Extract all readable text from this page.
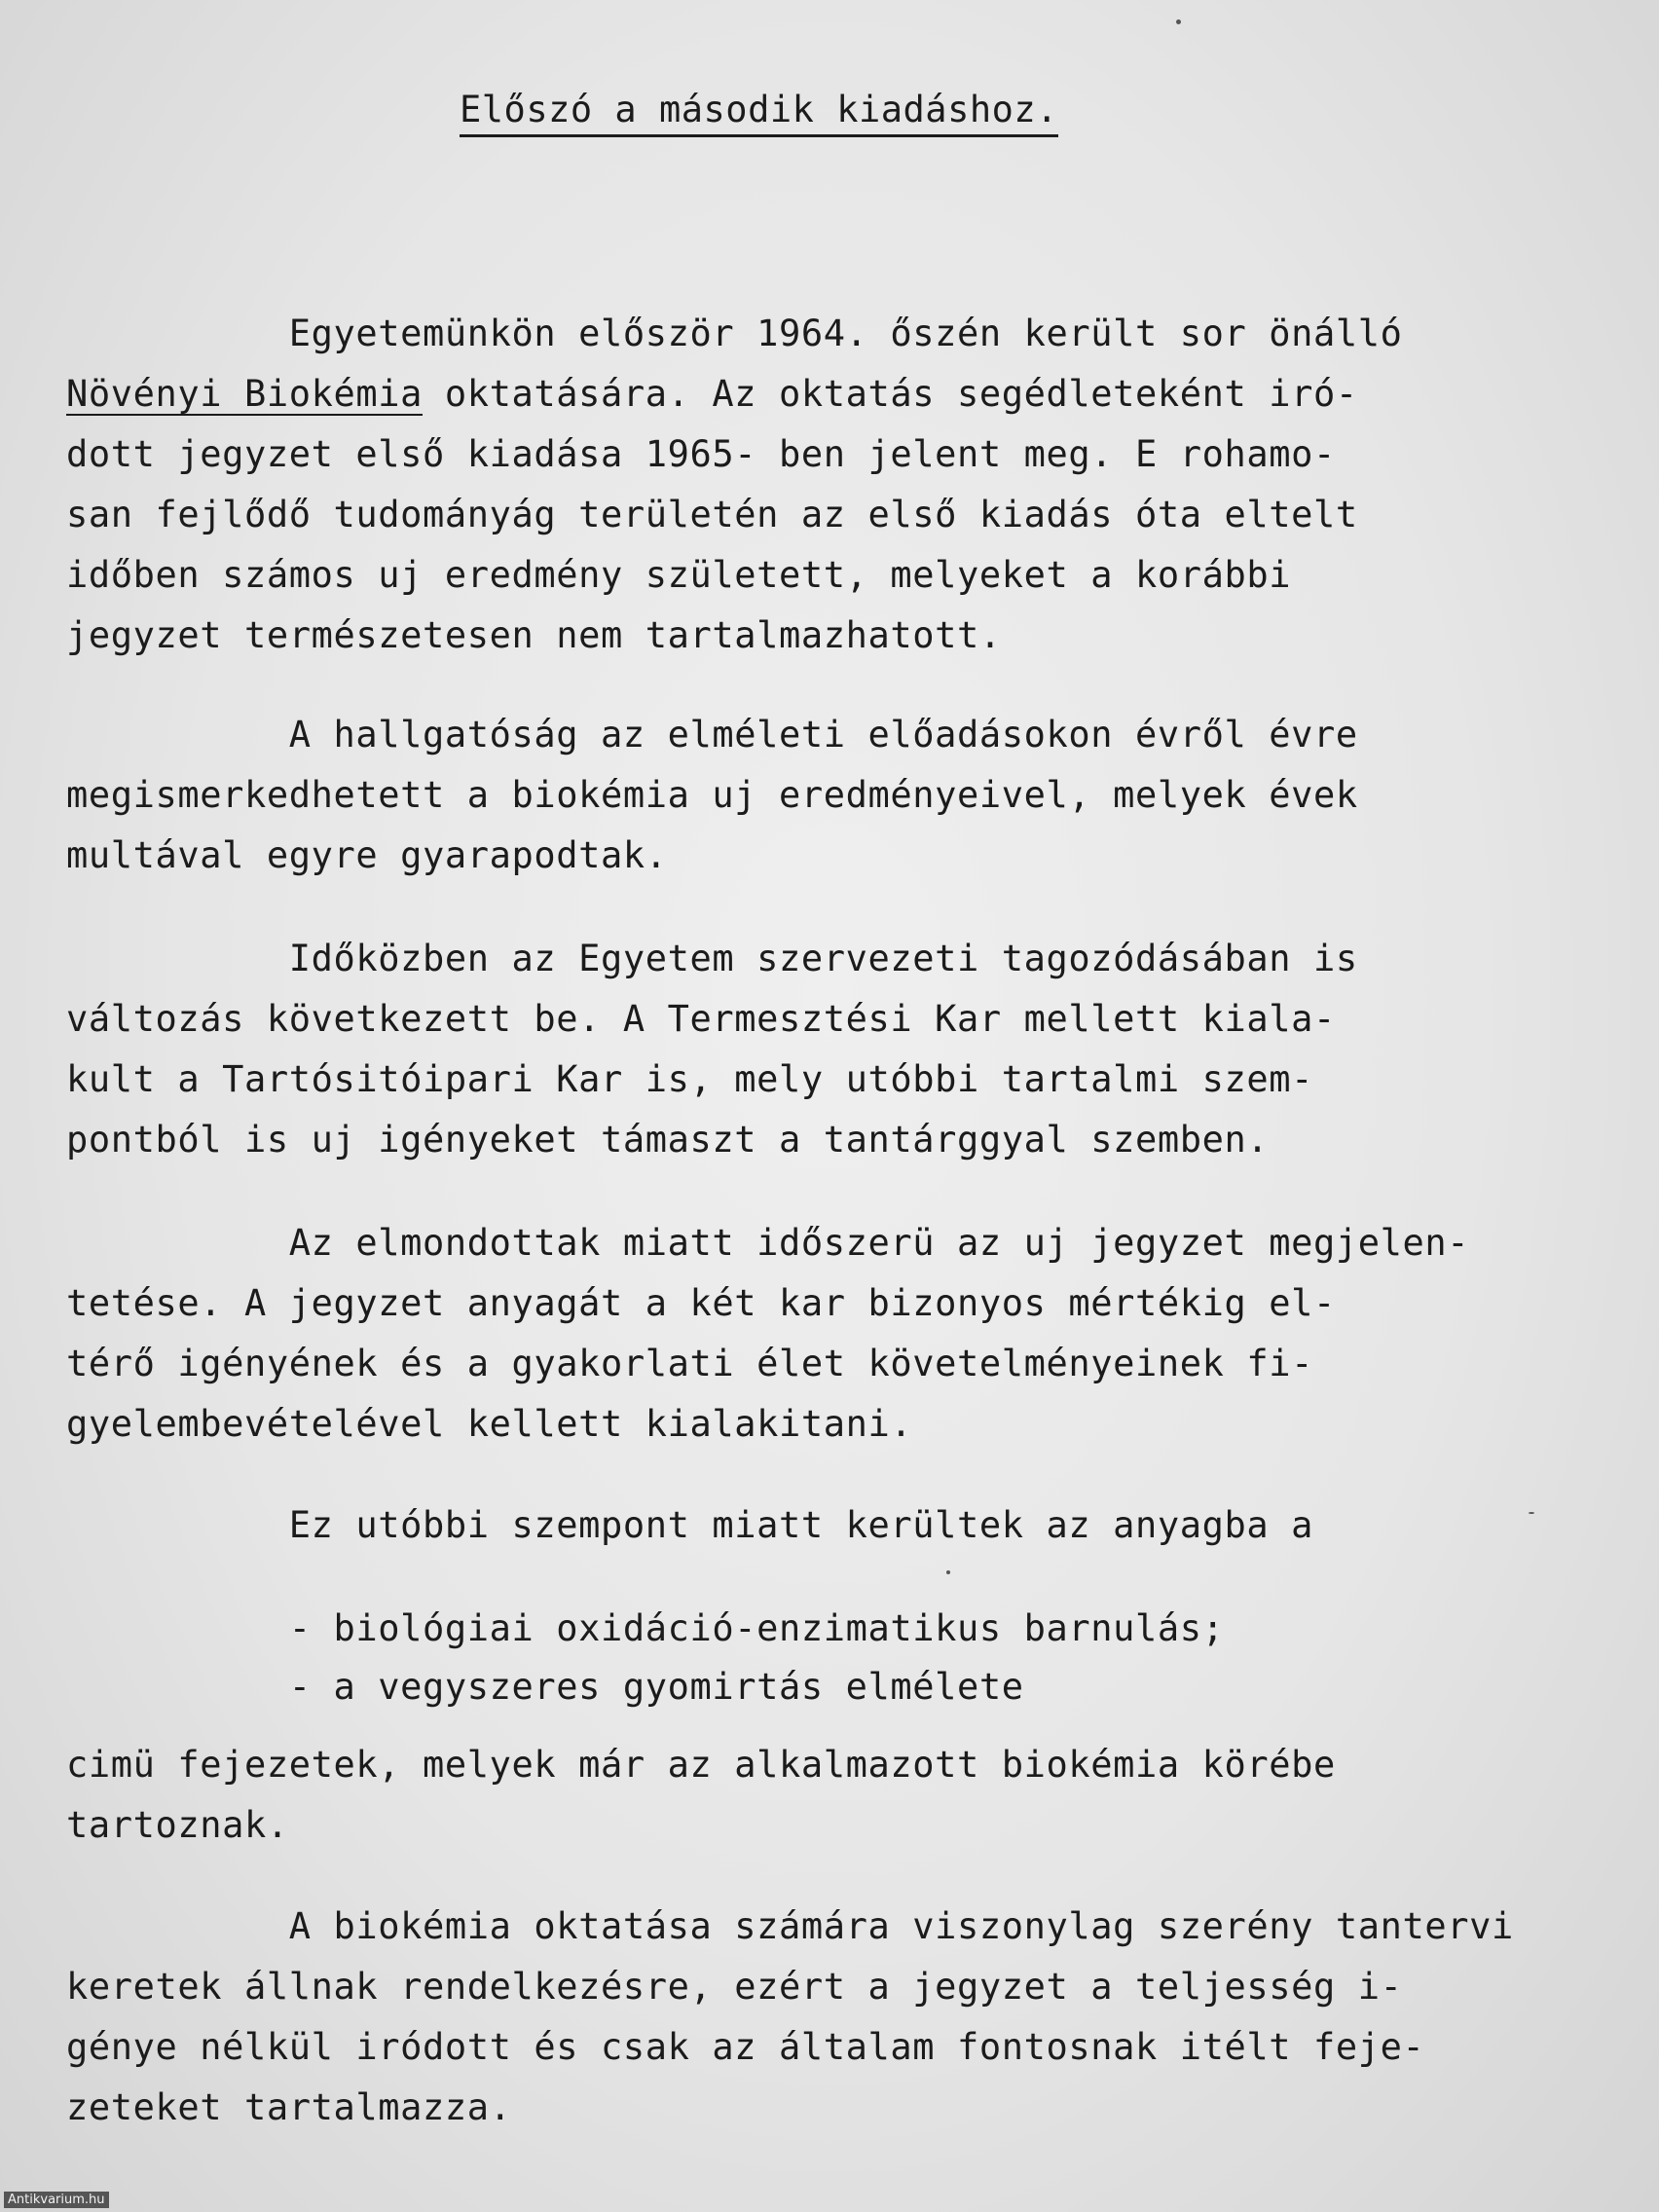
Előszó a második kiadáshoz.
Egyetemünkön először 1964. őszén került sor önálló
Növényi Biokémia oktatására. Az oktatás segédleteként iró-
dott jegyzet első kiadása 1965- ben jelent meg. E rohamo-
san fejlődő tudományág területén az első kiadás óta eltelt
időben számos uj eredmény született, melyeket a korábbi
jegyzet természetesen nem tartalmazhatott.
A hallgatóság az elméleti előadásokon évről évre
megismerkedhetett a biokémia uj eredményeivel, melyek évek
multával egyre gyarapodtak.
Időközben az Egyetem szervezeti tagozódásában is
változás következett be. A Termesztési Kar mellett kiala-
kult a Tartósitóipari Kar is, mely utóbbi tartalmi szem-
pontból is uj igényeket támaszt a tantárggyal szemben.
Az elmondottak miatt időszerü az uj jegyzet megjelen-
tetése. A jegyzet anyagát a két kar bizonyos mértékig el-
térő igényének és a gyakorlati élet követelményeinek fi-
gyelembevételével kellett kialakitani.
Ez utóbbi szempont miatt kerültek az anyagba a
- biológiai oxidáció-enzimatikus barnulás;
- a vegyszeres gyomirtás elmélete
cimü fejezetek, melyek már az alkalmazott biokémia körébe
tartoznak.
A biokémia oktatása számára viszonylag szerény tantervi
keretek állnak rendelkezésre, ezért a jegyzet a teljesség i-
génye nélkül iródott és csak az általam fontosnak itélt feje-
zeteket tartalmazza.
Antikvarium.hu
